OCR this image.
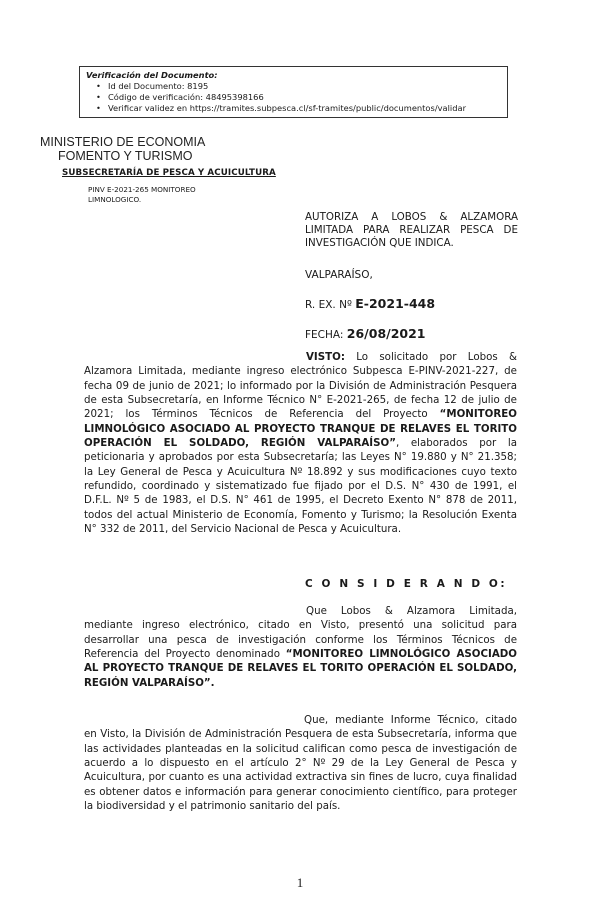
Verificación del Documento:
• Id del Documento: 8195
• Código de verificación: 48495398166
• Verificar validez en https://tramites.subpesca.cl/sf-tramites/public/documentos/validar
MINISTERIO DE ECONOMIA
FOMENTO Y TURISMO
SUBSECRETARÍA DE PESCA Y ACUICULTURA
PINV E-2021-265 MONITOREO LIMNOLOGICO.
AUTORIZA A LOBOS & ALZAMORA LIMITADA PARA REALIZAR PESCA DE INVESTIGACIÓN QUE INDICA.
VALPARAÍSO,
R. EX. Nº E-2021-448
FECHA: 26/08/2021
VISTO: Lo solicitado por Lobos & Alzamora Limitada, mediante ingreso electrónico Subpesca E-PINV-2021-227, de fecha 09 de junio de 2021; lo informado por la División de Administración Pesquera de esta Subsecretaría, en Informe Técnico N° E-2021-265, de fecha 12 de julio de 2021; los Términos Técnicos de Referencia del Proyecto “MONITOREO LIMNOLÓGICO ASOCIADO AL PROYECTO TRANQUE DE RELAVES EL TORITO OPERACIÓN EL SOLDADO, REGIÓN VALPARAÍSO”, elaborados por la peticionaria y aprobados por esta Subsecretaría; las Leyes N° 19.880 y N° 21.358; la Ley General de Pesca y Acuicultura Nº 18.892 y sus modificaciones cuyo texto refundido, coordinado y sistematizado fue fijado por el D.S. N° 430 de 1991, el D.F.L. Nº 5 de 1983, el D.S. N° 461 de 1995, el Decreto Exento N° 878 de 2011, todos del actual Ministerio de Economía, Fomento y Turismo; la Resolución Exenta N° 332 de 2011, del Servicio Nacional de Pesca y Acuicultura.
C O N S I D E R A N D O:
Que Lobos & Alzamora Limitada, mediante ingreso electrónico, citado en Visto, presentó una solicitud para desarrollar una pesca de investigación conforme los Términos Técnicos de Referencia del Proyecto denominado “MONITOREO LIMNOLÓGICO ASOCIADO AL PROYECTO TRANQUE DE RELAVES EL TORITO OPERACIÓN EL SOLDADO, REGIÓN VALPARAÍSO”.
Que, mediante Informe Técnico, citado en Visto, la División de Administración Pesquera de esta Subsecretaría, informa que las actividades planteadas en la solicitud califican como pesca de investigación de acuerdo a lo dispuesto en el artículo 2° Nº 29 de la Ley General de Pesca y Acuicultura, por cuanto es una actividad extractiva sin fines de lucro, cuya finalidad es obtener datos e información para generar conocimiento científico, para proteger la biodiversidad y el patrimonio sanitario del país.
1
